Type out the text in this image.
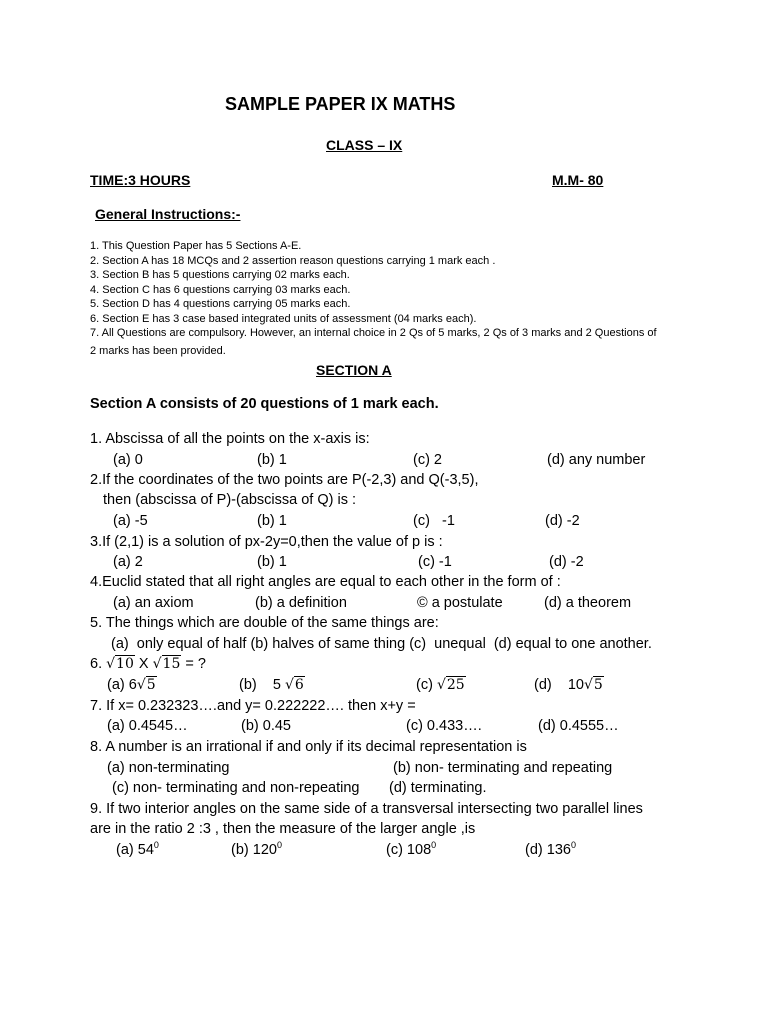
SAMPLE PAPER IX MATHS
CLASS – IX
TIME:3 HOURS	M.M- 80
General Instructions:-
1. This Question Paper has 5 Sections A-E.
2. Section A has 18 MCQs and 2 assertion reason questions carrying 1 mark each .
3. Section B has 5 questions carrying 02 marks each.
4. Section C has 6 questions carrying 03 marks each.
5. Section D has 4 questions carrying 05 marks each.
6. Section E has 3 case based integrated units of assessment (04 marks each).
7. All Questions are compulsory. However, an internal choice in 2 Qs of 5 marks, 2 Qs of 3 marks and 2 Questions of
2 marks has been provided.
SECTION A
Section A consists of 20 questions of 1 mark each.
1. Abscissa of all the points on the x-axis is:
(a) 0	(b) 1	(c) 2	(d) any number
2.If the coordinates of the two points are P(-2,3) and Q(-3,5),
then (abscissa of P)-(abscissa of Q) is :
(a) -5	(b) 1	(c)   -1	(d) -2
3.If (2,1) is a solution of px-2y=0,then the value of p is :
(a) 2	(b) 1	(c) -1	(d) -2
4.Euclid stated that all right angles are equal to each other in the form of :
(a) an axiom	(b) a definition	© a postulate	(d) a theorem
5. The things which are double of the same things are:
(a)  only equal of half (b) halves of same thing (c)  unequal  (d) equal to one another.
6. √10 X √15 = ?
(a) 6√5	(b)    5 √6	(c) √25	(d)    10√5
7. If x= 0.232323….and y= 0.222222…. then x+y =
(a) 0.4545…	(b) 0.45	(c) 0.433….	(d) 0.4555…
8. A number is an irrational if and only if its decimal representation is
(a) non-terminating	(b) non- terminating and repeating
(c) non- terminating and non-repeating (d) terminating.
9. If two interior angles on the same side of a transversal intersecting two parallel lines
are in the ratio 2 :3 , then the measure of the larger angle ,is
(a) $54^0$	(b) $120^0$	(c) $108^0$	(d) $136^0$
